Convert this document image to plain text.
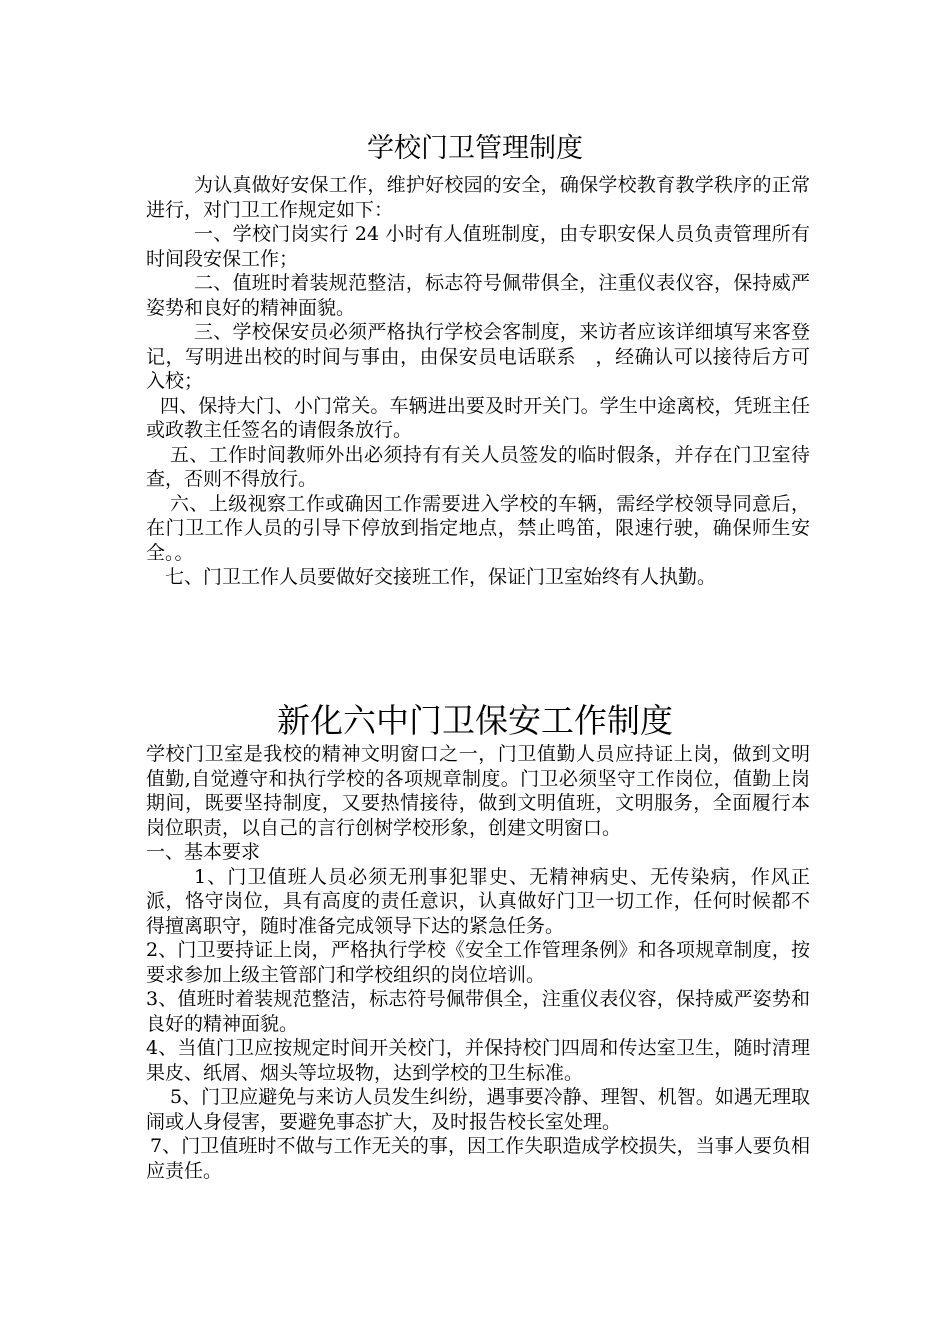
学校门卫管理制度

为认真做好安保工作，维护好校园的安全，确保学校教育教学秩序的正常进行，对门卫工作规定如下：

一、学校门岗实行 24 小时有人值班制度，由专职安保人员负责管理所有时间段安保工作；

二、值班时着装规范整洁，标志符号佩带俱全，注重仪表仪容，保持威严姿势和良好的精神面貌。

三、学校保安员必须严格执行学校会客制度，来访者应该详细填写来客登记，写明进出校的时间与事由，由保安员电话联系　，经确认可以接待后方可入校；

四、保持大门、小门常关。车辆进出要及时开关门。学生中途离校，凭班主任或政教主任签名的请假条放行。

五、工作时间教师外出必须持有有关人员签发的临时假条，并存在门卫室待查，否则不得放行。

六、上级视察工作或确因工作需要进入学校的车辆，需经学校领导同意后，在门卫工作人员的引导下停放到指定地点，禁止鸣笛，限速行驶，确保师生安全。。

七、门卫工作人员要做好交接班工作，保证门卫室始终有人执勤。

新化六中门卫保安工作制度

学校门卫室是我校的精神文明窗口之一，门卫值勤人员应持证上岗，做到文明值勤,自觉遵守和执行学校的各项规章制度。门卫必须坚守工作岗位，值勤上岗期间，既要坚持制度，又要热情接待，做到文明值班，文明服务，全面履行本岗位职责，以自己的言行创树学校形象，创建文明窗口。

一、基本要求

1、门卫值班人员必须无刑事犯罪史、无精神病史、无传染病，作风正派，恪守岗位，具有高度的责任意识，认真做好门卫一切工作，任何时候都不得擅离职守，随时准备完成领导下达的紧急任务。

2、门卫要持证上岗，严格执行学校《安全工作管理条例》和各项规章制度，按要求参加上级主管部门和学校组织的岗位培训。

3、值班时着装规范整洁，标志符号佩带俱全，注重仪表仪容，保持威严姿势和良好的精神面貌。

4、当值门卫应按规定时间开关校门，并保持校门四周和传达室卫生，随时清理果皮、纸屑、烟头等垃圾物，达到学校的卫生标准。

5、门卫应避免与来访人员发生纠纷，遇事要冷静、理智、机智。如遇无理取闹或人身侵害，要避免事态扩大，及时报告校长室处理。

7、门卫值班时不做与工作无关的事，因工作失职造成学校损失，当事人要负相应责任。
